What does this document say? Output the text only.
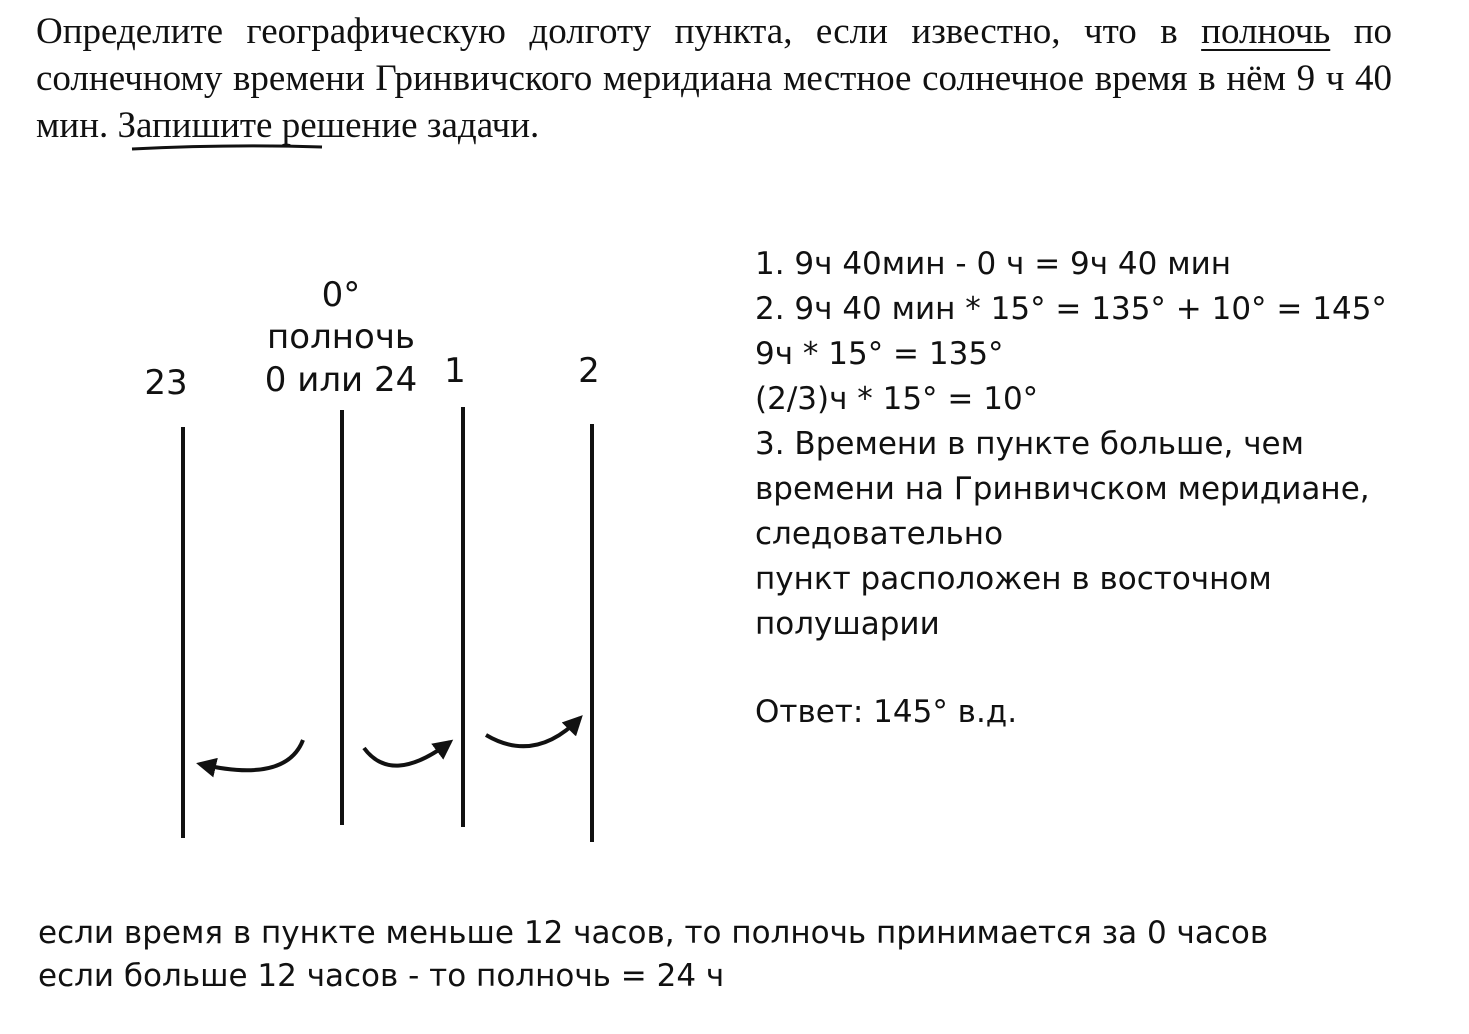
Определите географическую долготу пункта, если известно, что в полночь по солнечному времени Гринвичского меридиана местное солнечное время в нём 9 ч 40 мин. Запишите решение задачи.
23
0°
полночь
0 или 24 1	2
1. 9ч 40мин - 0 ч = 9ч 40 мин
2. 9ч 40 мин * 15° = 135° + 10° = 145°
9ч * 15° = 135°
(2/3)ч * 15° = 10°
3. Времени в пункте больше, чем
времени на Гринвичском меридиане,
следовательно
пункт расположен в восточном
полушарии
Ответ: 145° в.д.
если время в пункте меньше 12 часов, то полночь принимается за 0 часов
если больше 12 часов - то полночь = 24 ч
